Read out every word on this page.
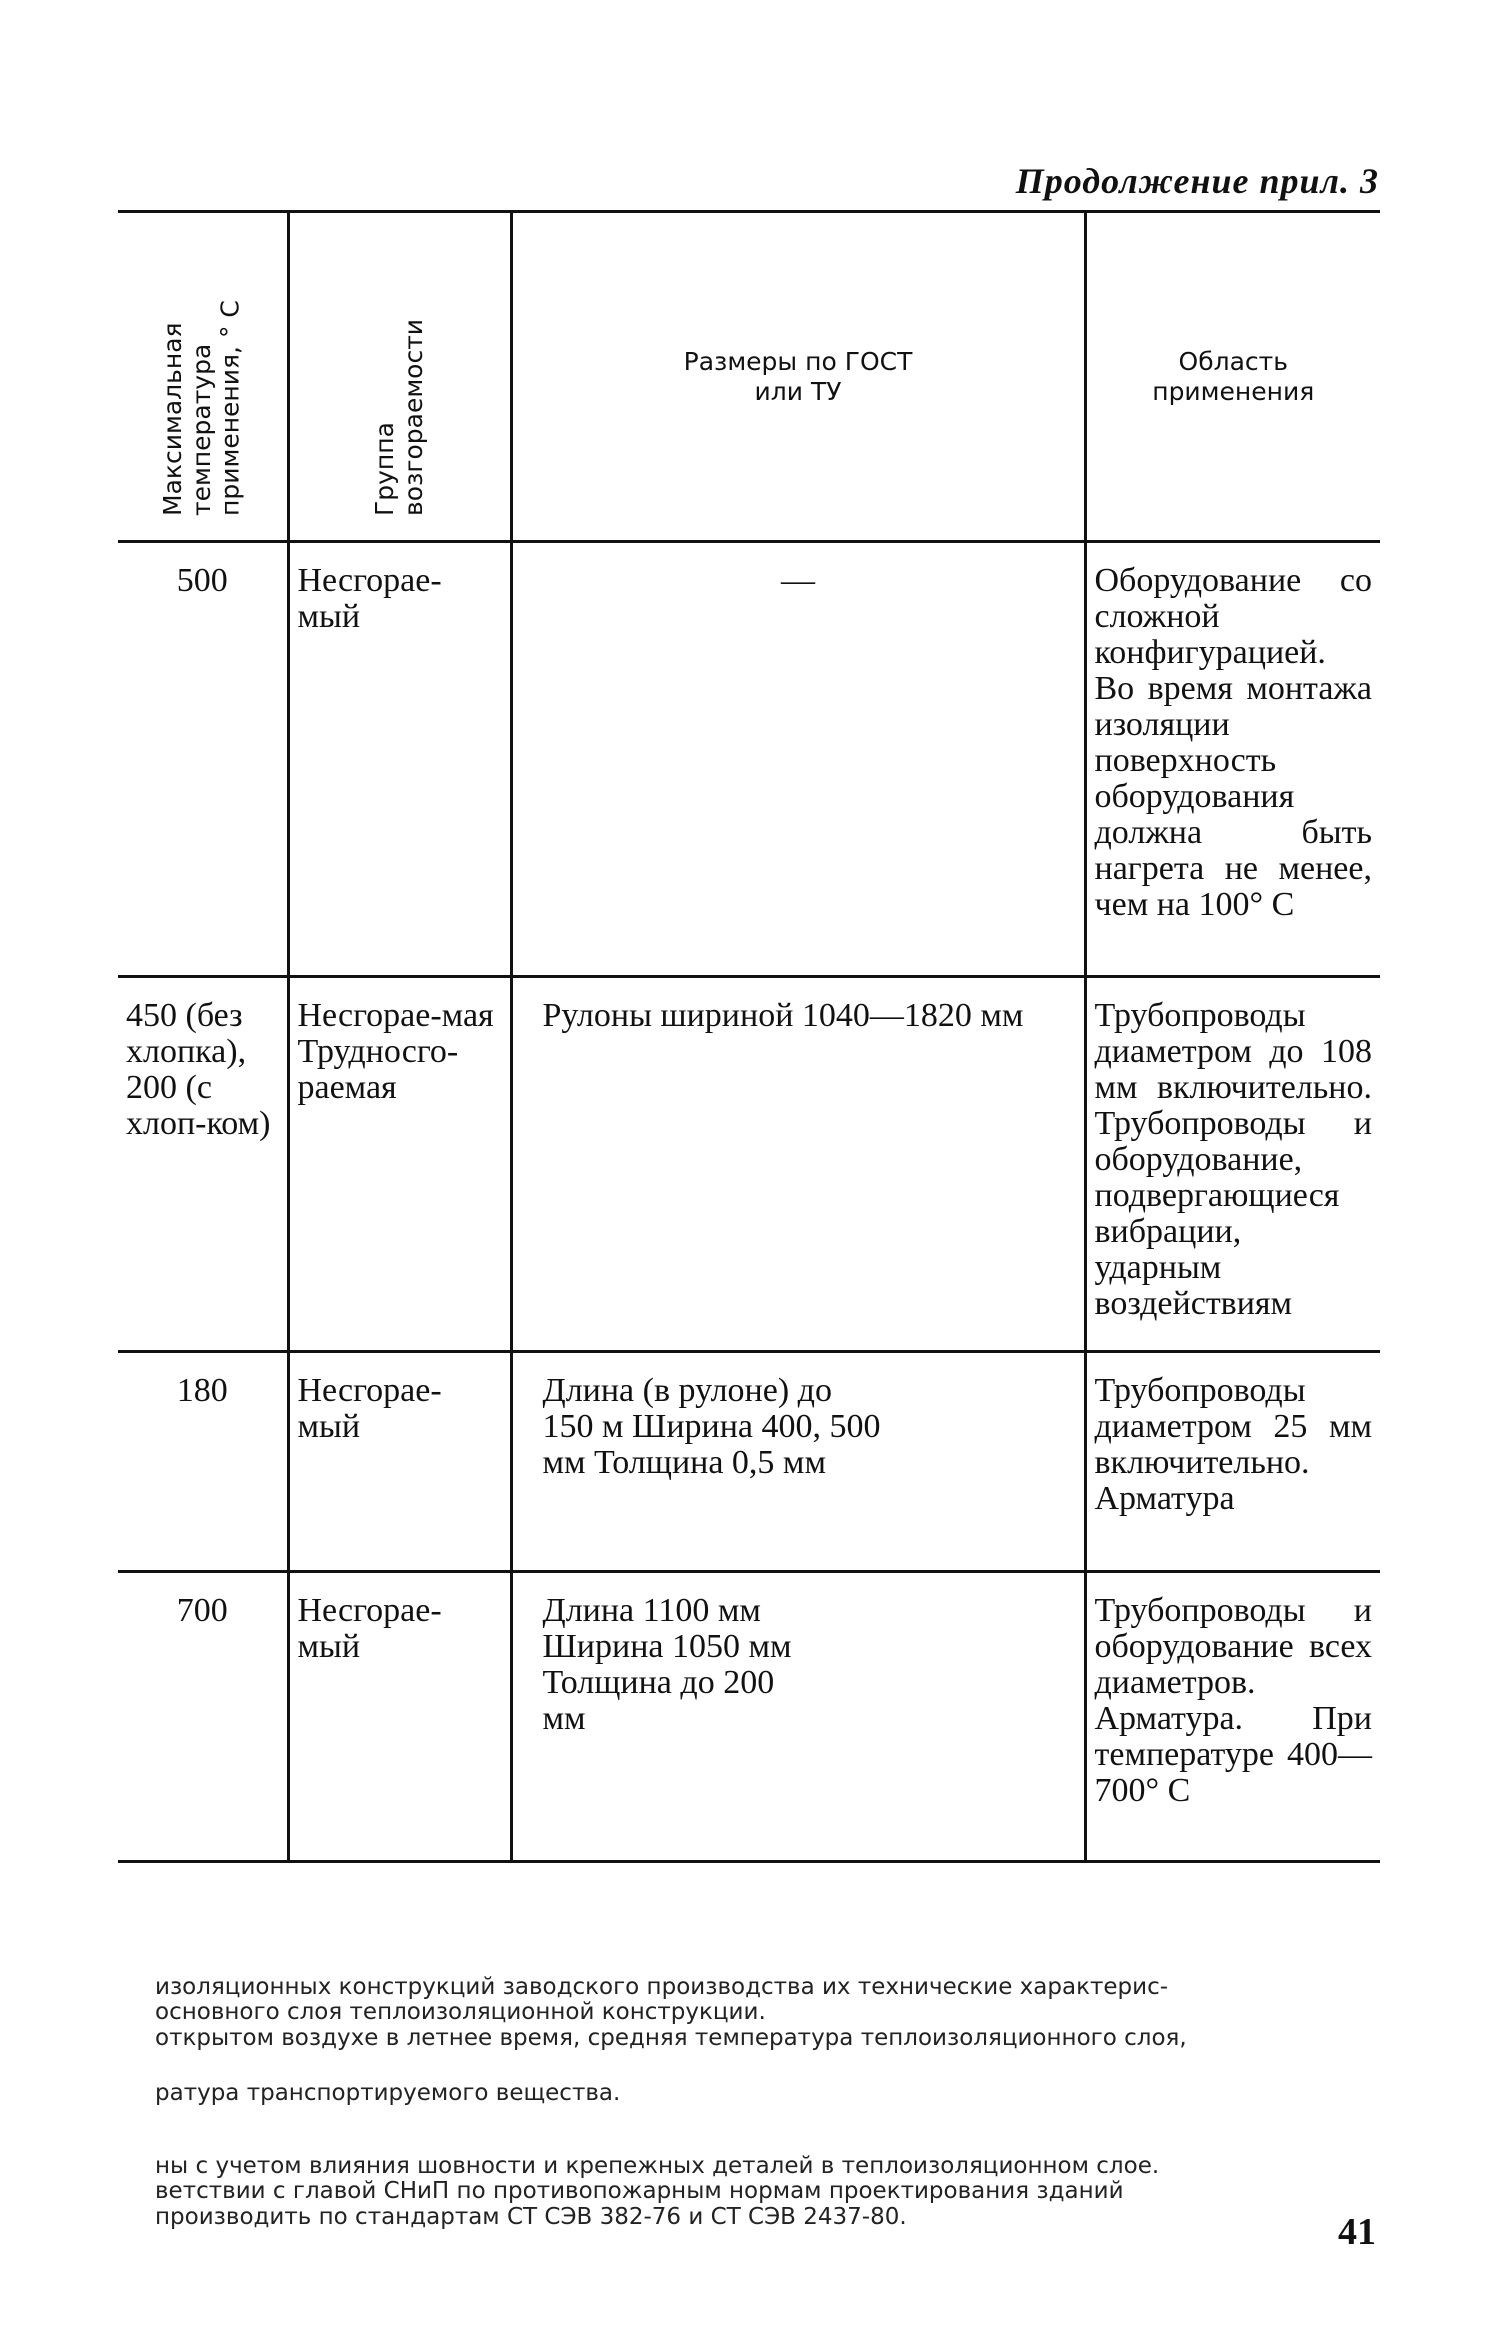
Продолжение прил. 3
Максимальная температура применения, ° С	Группа возгораемости	Размеры по ГОСТ или ТУ	Область применения

500	Несгорае-мый	—	Оборудование со сложной конфигурацией. Во время монтажа изоляции поверхность оборудования должна быть нагрета не менее, чем на 100° С
450 (без хлопка), 200 (с хлоп-ком)	Несгорае-мая Трудносго-раемая	Рулоны шириной 1040—1820 мм	Трубопроводы диаметром до 108 мм включительно. Трубопроводы и оборудование, подвергающиеся вибрации, ударным воздействиям
180	Несгорае-мый	Длина (в рулоне) до 150 м Ширина 400, 500 мм Толщина 0,5 мм	Трубопроводы диаметром 25 мм включительно. Арматура
700	Несгорае-мый	Длина 1100 мм Ширина 1050 мм Толщина до 200 мм	Трубопроводы и оборудование всех диаметров. Арматура. При температуре 400—700° С

изоляционных конструкций заводского производства их технические характерис-

основного слоя теплоизоляционной конструкции.

открытом воздухе в летнее время, средняя температура теплоизоляционного слоя,

ратура транспортируемого вещества.

ны с учетом влияния шовности и крепежных деталей в теплоизоляционном слое.

ветствии с главой СНиП по противопожарным нормам проектирования зданий

производить по стандартам СТ СЭВ 382-76 и СТ СЭВ 2437-80.	41
